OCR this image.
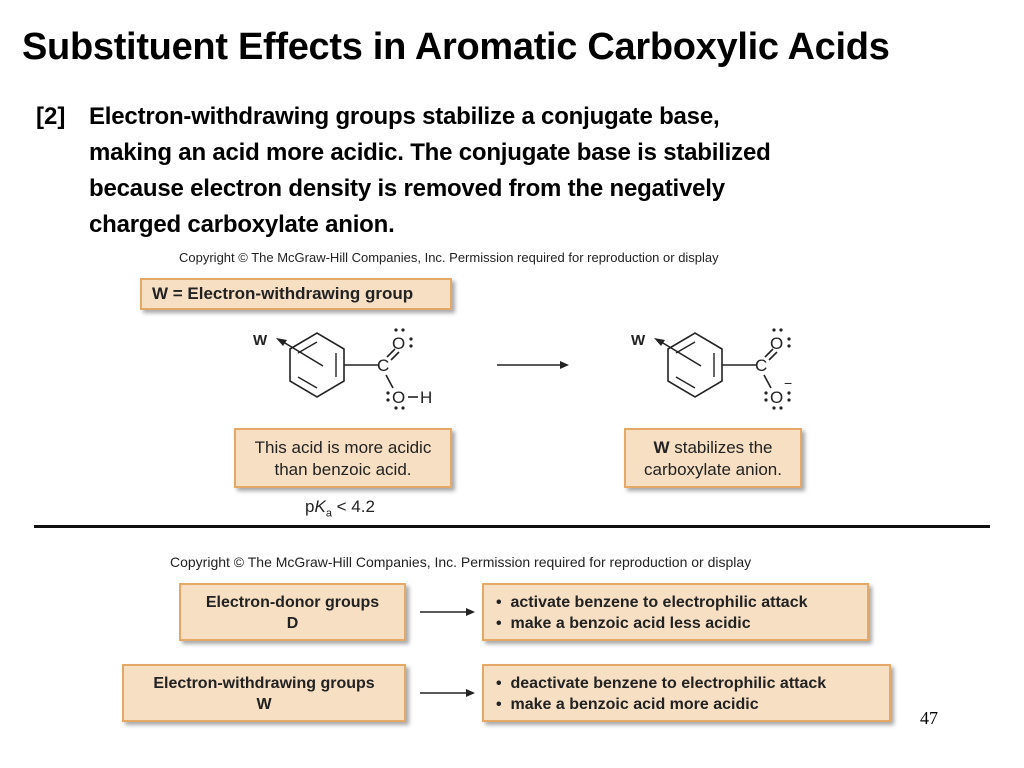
Substituent Effects in Aromatic Carboxylic Acids
[2] Electron-withdrawing groups stabilize a conjugate base,
making an acid more acidic. The conjugate base is stabilized
because electron density is removed from the negatively
charged carboxylate anion.
Copyright © The McGraw-Hill Companies, Inc. Permission required for reproduction or display
W = Electron-withdrawing group
W	O
C
O H
W	O
C
O
−
This acid is more acidic
than benzoic acid.
W stabilizes the
carboxylate anion.
$pK_a < 4.2$
Copyright © The McGraw-Hill Companies, Inc. Permission required for reproduction or display
Electron-donor groups
D
•  activate benzene to electrophilic attack
•  make a benzoic acid less acidic
Electron-withdrawing groups
W
•  deactivate benzene to electrophilic attack
•  make a benzoic acid more acidic
47
